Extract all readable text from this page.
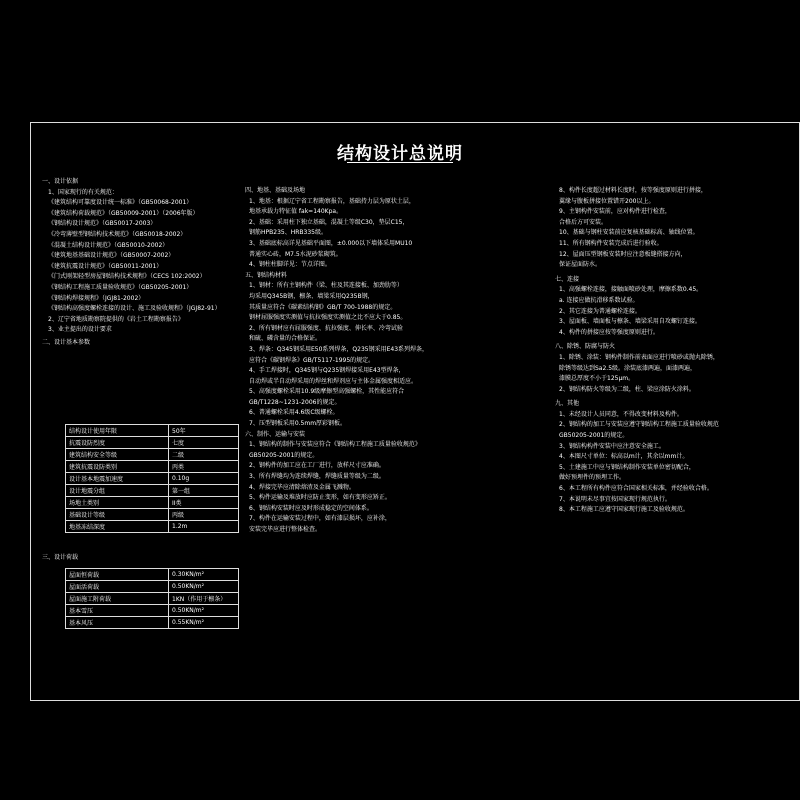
结构设计总说明
一、设计依据
1、国家现行的有关规范：
《建筑结构可靠度设计统一标准》（GB50068-2001）
《建筑结构荷载规范》（GB50009-2001）（2006年版）
《钢结构设计规范》（GB50017-2003）
《冷弯薄壁型钢结构技术规范》（GB50018-2002）
《混凝土结构设计规范》（GB50010-2002）
《建筑地基基础设计规范》（GB50007-2002）
《建筑抗震设计规范》（GB50011-2001）
《门式刚架轻型房屋钢结构技术规程》（CECS 102:2002）
《钢结构工程施工质量验收规范》（GB50205-2001）
《钢结构焊接规程》（JGJ81-2002）
《钢结构高强度螺栓连接的设计、施工及验收规程》（JGJ82-91）
2、辽宁省地质勘察院提供的《岩土工程勘察报告》
3、业主提出的设计要求
二、设计基本参数
结构设计使用年限	50年
抗震设防烈度	七度
建筑结构安全等级	二级
建筑抗震设防类别	丙类
设计基本地震加速度	0.10g
设计地震分组	第一组
场地土类别	II类
基础设计等级	丙级
地基冻结深度	1.2m
三、设计荷载
屋面恒荷载	0.30KN/m²
屋面活荷载	0.50KN/m²
屋面施工附荷载	1KN（作用于檩条）
基本雪压	0.50KN/m²
基本风压	0.55KN/m²
四、地基、基础及场地
1、地基：根据辽宁省工程勘察报告，基础持力层为原状土层，
地基承载力特征值 fak=140Kpa。
2、基础：采用柱下独立基础，混凝土等级C30，垫层C15，
钢筋HPB235、HRB335级。
3、基础底标高详见基础平面图，±0.000以下墙体采用MU10
普通实心砖，M7.5水泥砂浆砌筑。
4、钢柱柱脚详见：节点详图。
五、钢结构材料
1、钢材：所有主钢构件（梁、柱及其连接板、加劲肋等）
均采用Q345B钢，檩条、墙梁采用Q235B钢，
其质量应符合《碳素结构钢》GB/T 700-1988的规定。
钢材屈服强度实测值与抗拉强度实测值之比不应大于0.85。
2、所有钢材应有屈服强度、抗拉强度、伸长率、冷弯试验
和硫、磷含量的合格保证。
3、焊条：Q345钢采用E50系列焊条，Q235钢采用E43系列焊条，
应符合《碳钢焊条》GB/T5117-1995的规定。
4、手工焊接时，Q345钢与Q235钢焊接采用E43型焊条，
自动焊或半自动焊采用的焊丝和焊剂应与主体金属强度相适应。
5、高强度螺栓采用10.9级摩擦型高强螺栓，其性能应符合
GB/T1228~1231-2006的规定。
6、普通螺栓采用4.6级C级螺栓。
7、压型钢板采用0.5mm厚彩钢板。
六、制作、运输与安装
1、钢结构的制作与安装应符合《钢结构工程施工质量验收规范》
GB50205-2001的规定。
2、钢构件的加工应在工厂进行，放样尺寸应准确。
3、所有焊缝均为连续焊缝，焊缝质量等级为二级。
4、焊接完毕应清除熔渣及金属飞溅物。
5、构件运输及堆放时应防止变形，如有变形应矫正。
6、钢结构安装时应及时形成稳定的空间体系。
7、构件在运输安装过程中，如有漆层损坏，应补涂，
安装完毕应进行整体检查。
8、构件长度超过材料长度时，按等强度原则进行拼接，
翼缘与腹板拼接位置错开200以上。
9、主钢构件安装前，应对构件进行检查，
合格后方可安装。
10、基础与钢柱安装前应复核基础标高、轴线位置。
11、所有钢构件安装完成后进行验收。
12、屋面压型钢板安装时应注意板缝搭接方向，
保证屋面防水。
七、连接
1、高强螺栓连接，接触面喷砂处理，摩擦系数0.45。
a. 连接应做抗滑移系数试验。
2、其它连接为普通螺栓连接。
3、屋面板、墙面板与檩条、墙梁采用自攻螺钉连接。
4、构件的拼接应按等强度原则进行。
八、除锈、防腐与防火
1、除锈、涂装：钢构件制作前表面应进行喷砂或抛丸除锈，
除锈等级达到Sa2.5级。涂装底漆两遍，面漆两遍，
漆膜总厚度不小于125μm。
2、钢结构防火等级为二级，柱、梁应涂防火涂料。
九、其他
1、未经设计人员同意，不得改变材料及构件。
2、钢结构的加工与安装应遵守钢结构工程施工质量验收规范
GB50205-2001的规定。
3、钢结构构件安装中应注意安全施工。
4、本图尺寸单位：标高以m计，其余以mm计。
5、土建施工中应与钢结构制作安装单位密切配合，
做好预埋件的预埋工作。
6、本工程所有构件应符合国家相关标准，并经验收合格。
7、本说明未尽事宜按国家现行规范执行。
8、本工程施工应遵守国家现行施工及验收规范。
